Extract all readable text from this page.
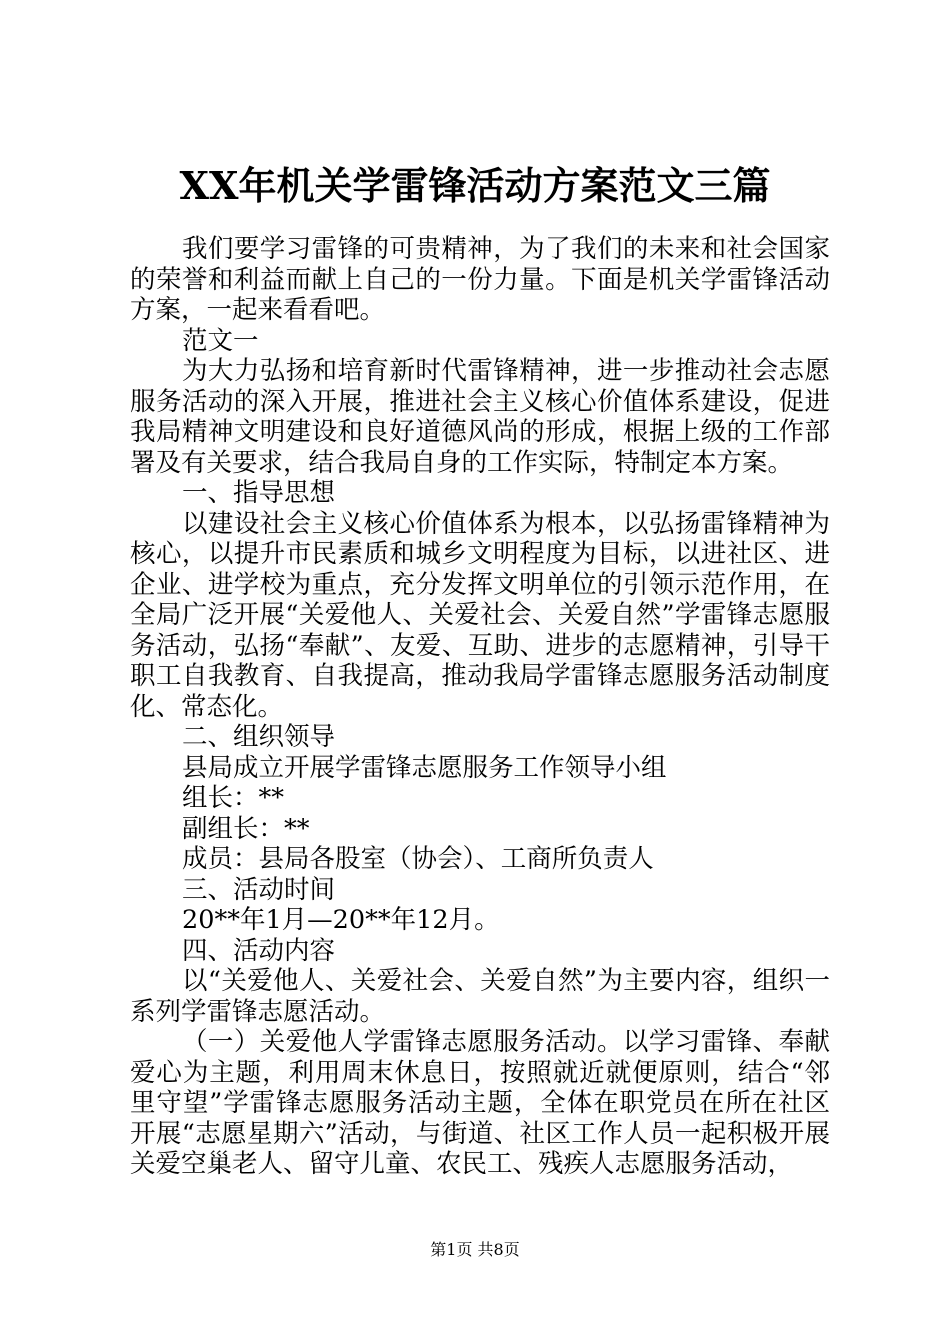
XX年机关学雷锋活动方案范文三篇

我们要学习雷锋的可贵精神，为了我们的未来和社会国家的荣誉和利益而献上自己的一份力量。下面是机关学雷锋活动方案，一起来看看吧。

范文一

为大力弘扬和培育新时代雷锋精神，进一步推动社会志愿服务活动的深入开展，推进社会主义核心价值体系建设，促进我局精神文明建设和良好道德风尚的形成，根据上级的工作部署及有关要求，结合我局自身的工作实际，特制定本方案。

一、指导思想

以建设社会主义核心价值体系为根本，以弘扬雷锋精神为核心，以提升市民素质和城乡文明程度为目标，以进社区、进企业、进学校为重点，充分发挥文明单位的引领示范作用，在全局广泛开展“关爱他人、关爱社会、关爱自然”学雷锋志愿服务活动，弘扬“奉献”、友爱、互助、进步的志愿精神，引导干职工自我教育、自我提高，推动我局学雷锋志愿服务活动制度化、常态化。

二、组织领导

县局成立开展学雷锋志愿服务工作领导小组

组长：**

副组长：**

成员：县局各股室（协会）、工商所负责人

三、活动时间

20**年1月—20**年12月。

四、活动内容

以“关爱他人、关爱社会、关爱自然”为主要内容，组织一系列学雷锋志愿活动。

（一）关爱他人学雷锋志愿服务活动。以学习雷锋、奉献爱心为主题，利用周末休息日，按照就近就便原则，结合“邻里守望”学雷锋志愿服务活动主题，全体在职党员在所在社区开展“志愿星期六”活动，与街道、社区工作人员一起积极开展关爱空巢老人、留守儿童、农民工、残疾人志愿服务活动，

第1页 共8页
